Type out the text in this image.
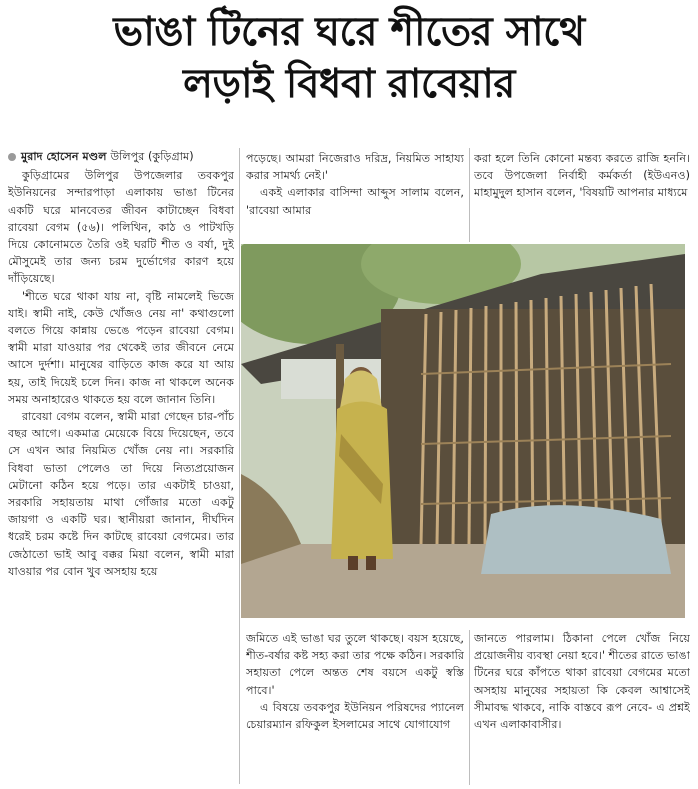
ভাঙা টিনের ঘরে শীতের সাথে
লড়াই বিধবা রাবেয়ার

মুরাদ হোসেন মণ্ডল উলিপুর (কুড়িগ্রাম)

কুড়িগ্রামের উলিপুর উপজেলার তবকপুর ইউনিয়নের সন্দারপাড়া এলাকায় ভাঙা টিনের একটি ঘরে মানবেতর জীবন কাটাচ্ছেন বিধবা রাবেয়া বেগম (৫৬)। পলিথিন, কাঠ ও পাটখড়ি দিয়ে কোনোমতে তৈরি ওই ঘরটি শীত ও বর্ষা, দুই মৌসুমেই তার জন্য চরম দুর্ভোগের কারণ হয়ে দাঁড়িয়েছে।

'শীতে ঘরে থাকা যায় না, বৃষ্টি নামলেই ভিজে যাই। স্বামী নাই, কেউ খোঁজও নেয় না' কথাগুলো বলতে গিয়ে কান্নায় ভেঙে পড়েন রাবেয়া বেগম। স্বামী মারা যাওয়ার পর থেকেই তার জীবনে নেমে আসে দুর্দশা। মানুষের বাড়িতে কাজ করে যা আয় হয়, তাই দিয়েই চলে দিন। কাজ না থাকলে অনেক সময় অনাহারেও থাকতে হয় বলে জানান তিনি।

রাবেয়া বেগম বলেন, স্বামী মারা গেছেন চার-পাঁচ বছর আগে। একমাত্র মেয়েকে বিয়ে দিয়েছেন, তবে সে এখন আর নিয়মিত খোঁজ নেয় না। সরকারি বিধবা ভাতা পেলেও তা দিয়ে নিত্যপ্রয়োজন মেটানো কঠিন হয়ে পড়ে। তার একটাই চাওয়া, সরকারি সহায়তায় মাথা গোঁজার মতো একটু জায়গা ও একটি ঘর। স্থানীয়রা জানান, দীর্ঘদিন ধরেই চরম কষ্টে দিন কাটছে রাবেয়া বেগমের। তার জেঠাতো ভাই আবু বক্কর মিয়া বলেন, স্বামী মারা যাওয়ার পর বোন খুব অসহায় হয়ে

পড়েছে। আমরা নিজেরাও দরিদ্র, নিয়মিত সাহায্য করার সামর্থ্য নেই।'

একই এলাকার বাসিন্দা আব্দুস সালাম বলেন, 'রাবেয়া আমার

করা হলে তিনি কোনো মন্তব্য করতে রাজি হননি। তবে উপজেলা নির্বাহী কর্মকর্তা (ইউএনও) মাহামুদুল হাসান বলেন, 'বিষয়টি আপনার মাধ্যমে

জমিতে এই ভাঙা ঘর তুলে থাকছে। বয়স হয়েছে, শীত-বর্ষার কষ্ট সহ্য করা তার পক্ষে কঠিন। সরকারি সহায়তা পেলে অন্তত শেষ বয়সে একটু স্বস্তি পাবে।'

এ বিষয়ে তবকপুর ইউনিয়ন পরিষদের প্যানেল চেয়ারম্যান রফিকুল ইসলামের সাথে যোগাযোগ

জানতে পারলাম। ঠিকানা পেলে খোঁজ নিয়ে প্রয়োজনীয় ব্যবস্থা নেয়া হবে।' শীতের রাতে ভাঙা টিনের ঘরে কাঁপতে থাকা রাবেয়া বেগমের মতো অসহায় মানুষের সহায়তা কি কেবল আশ্বাসেই সীমাবদ্ধ থাকবে, নাকি বাস্তবে রূপ নেবে- এ প্রশ্নই এখন এলাকাবাসীর।
